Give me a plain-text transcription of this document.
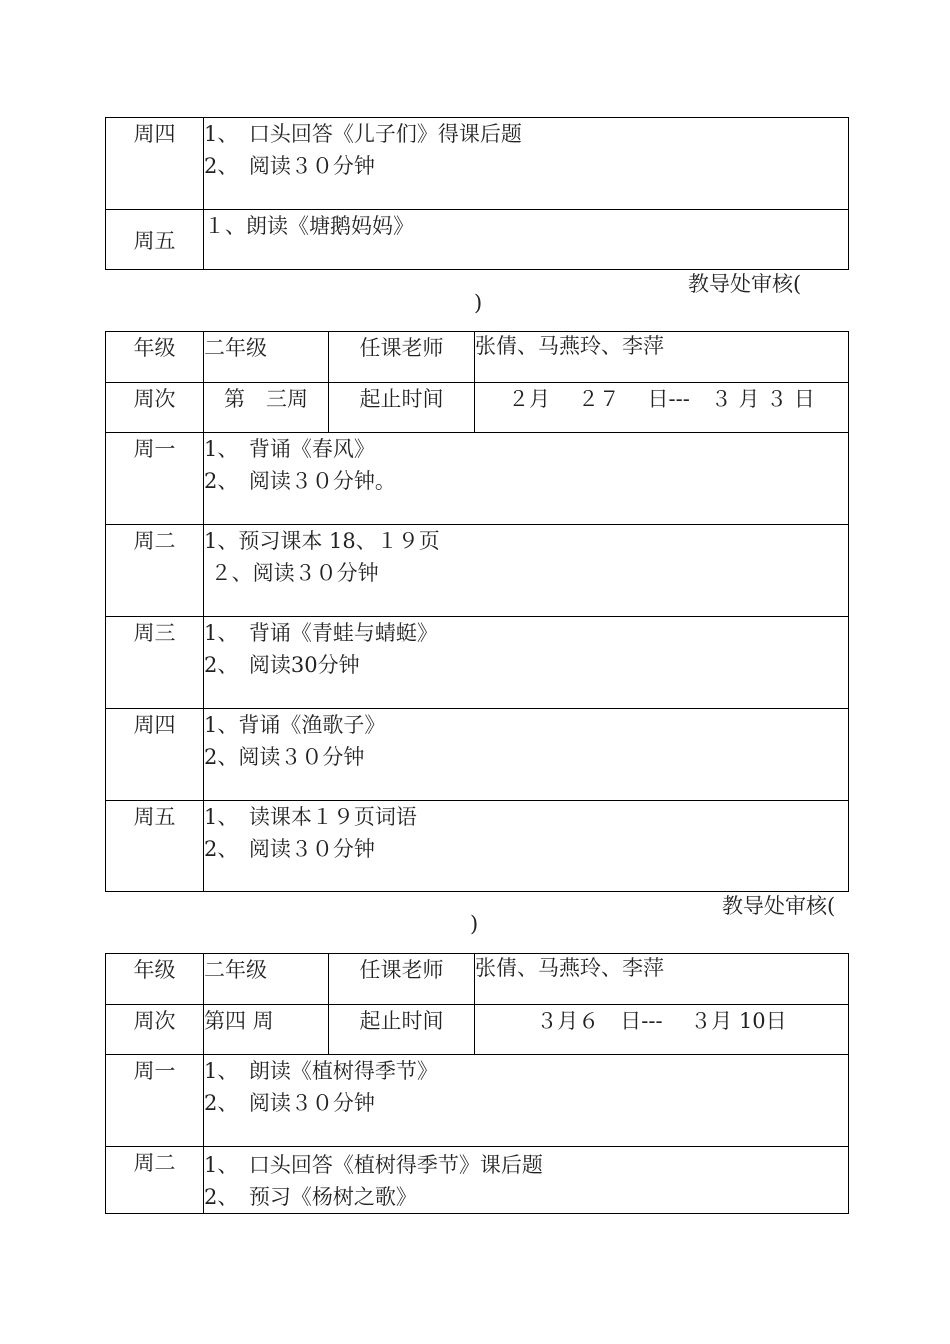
周四	1、　口头回答《儿子们》得课后题
2、　阅读３０分钟

周五	１、朗读《塘鹅妈妈》
教导处审核(
)
年级	二年级	任课老师	张倩、马燕玲、李萍
周次	第　三周	起止时间	２月　 ２７　 日---　３ 月 ３ 日
周一	1、　背诵《春风》
2、　阅读３０分钟。		

周二	1、预习课本 18、１９页
２、阅读３０分钟		

周三	1、　背诵《青蛙与蜻蜓》
2、　阅读30分钟		

周四	1、背诵《渔歌子》
2、阅读３０分钟		

周五	1、　读课本１９页词语
2、　阅读３０分钟		
教导处审核(
)
年级	二年级	任课老师	张倩、马燕玲、李萍
周次	第四 周	起止时间	３月６　日---　 ３月 10日
周一	1、　朗读《植树得季节》
2、　阅读３０分钟		

周二	1、　口头回答《植树得季节》课后题
2、　预习《杨树之歌》		
